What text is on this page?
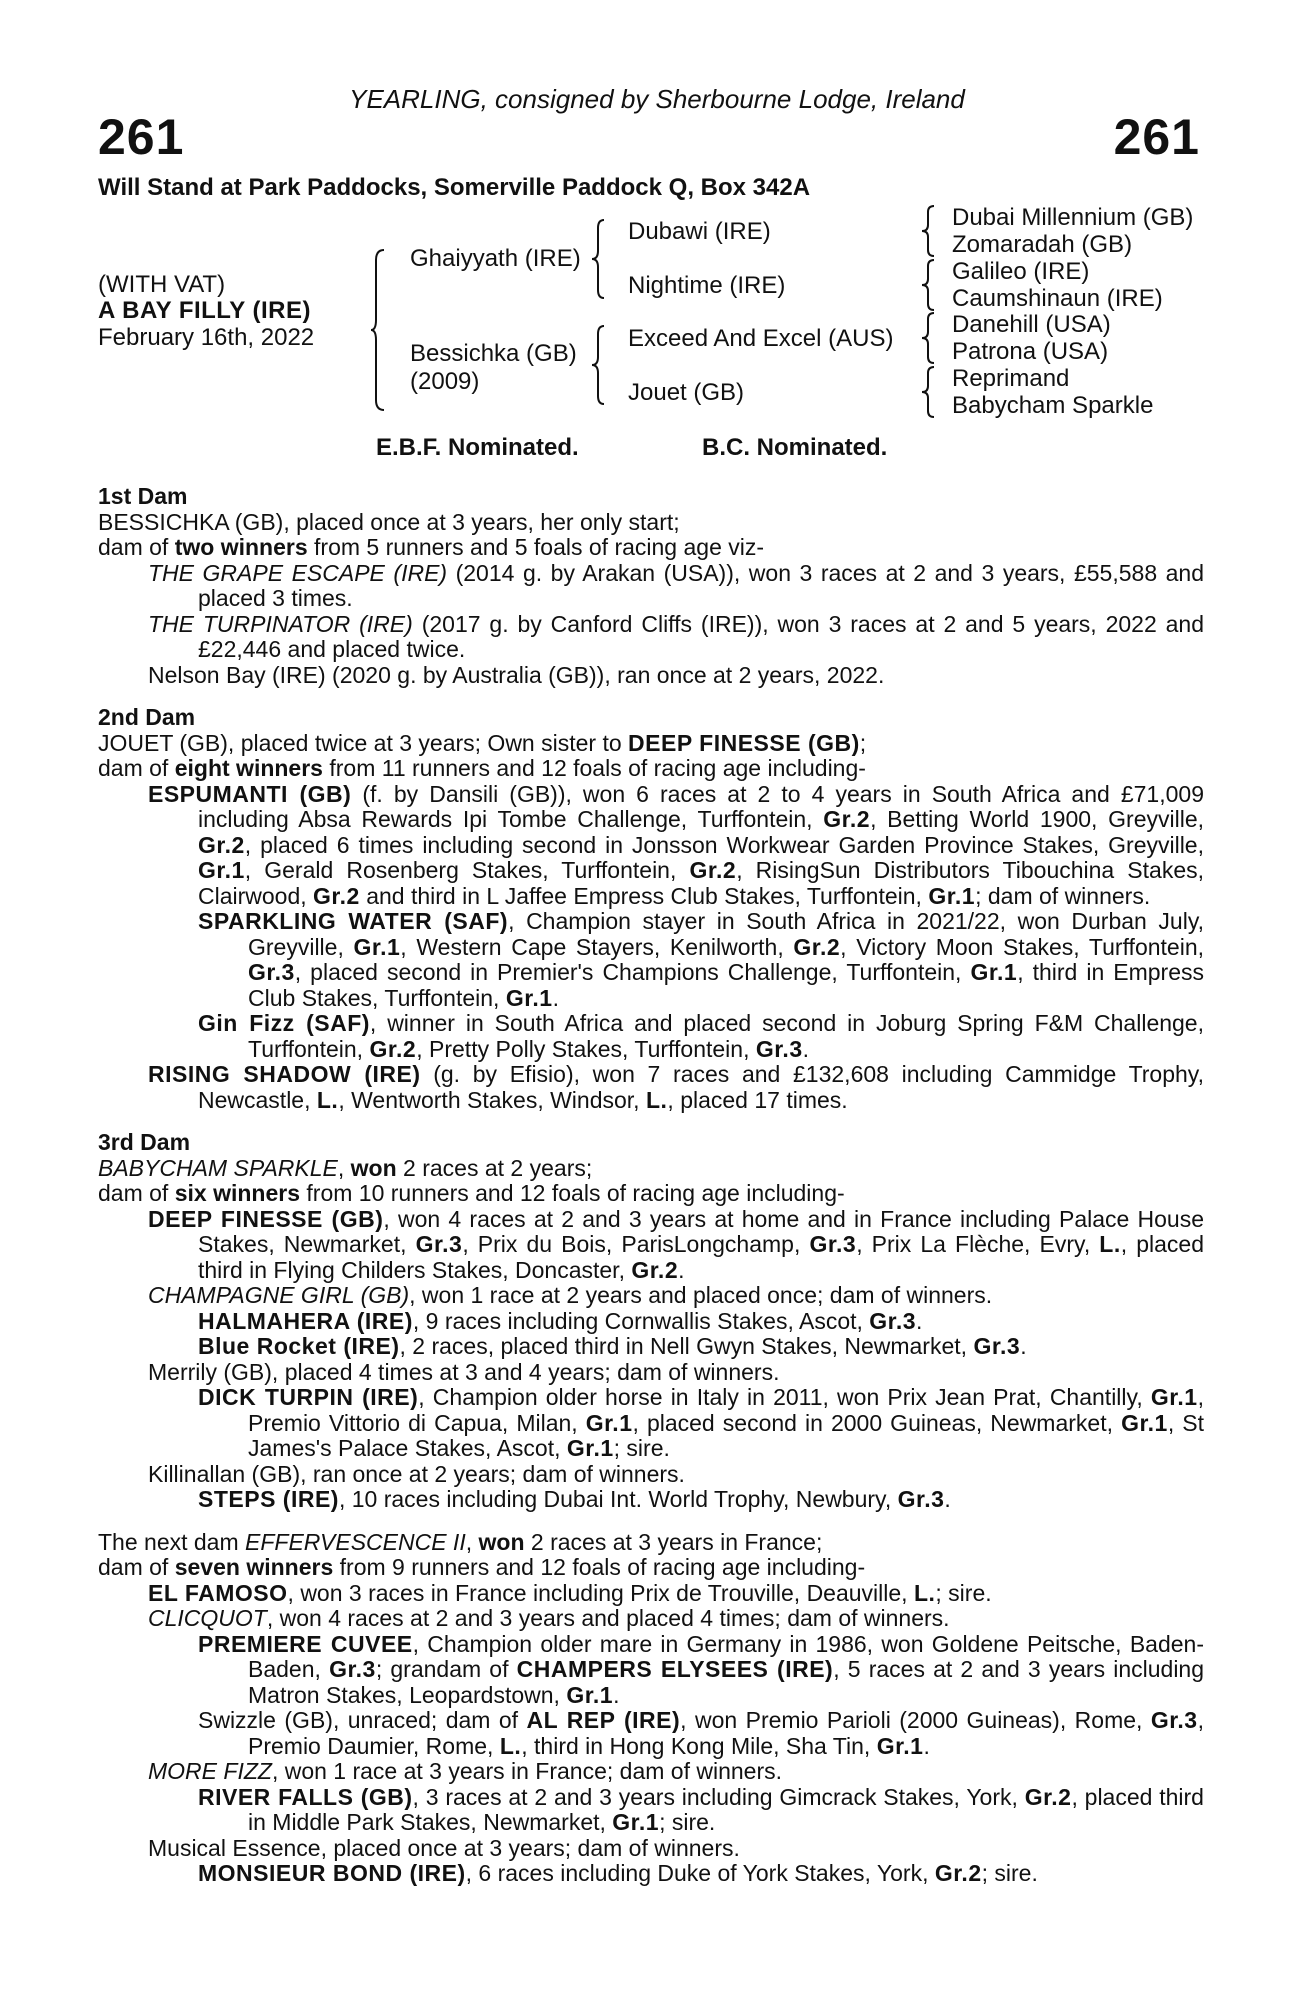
YEARLING, consigned by Sherbourne Lodge, Ireland
261	261
Will Stand at Park Paddocks, Somerville Paddock Q, Box 342A
(WITH VAT)
A BAY FILLY (IRE)
February 16th, 2022
Ghaiyyath (IRE)
Bessichka (GB)
(2009)
Dubawi (IRE)
Nightime (IRE)
Exceed And Excel (AUS)
Jouet (GB)
Dubai Millennium (GB)
Zomaradah (GB)
Galileo (IRE)
Caumshinaun (IRE)
Danehill (USA)
Patrona (USA)
Reprimand
Babycham Sparkle
E.B.F. Nominated.	B.C. Nominated.
1st Dam
BESSICHKA (GB), placed once at 3 years, her only start;
dam of two winners from 5 runners and 5 foals of racing age viz-
THE GRAPE ESCAPE (IRE) (2014 g. by Arakan (USA)), won 3 races at 2 and 3 years, £55,588 and placed 3 times.
THE TURPINATOR (IRE) (2017 g. by Canford Cliffs (IRE)), won 3 races at 2 and 5 years, 2022 and £22,446 and placed twice.
Nelson Bay (IRE) (2020 g. by Australia (GB)), ran once at 2 years, 2022.
2nd Dam
JOUET (GB), placed twice at 3 years; Own sister to DEEP FINESSE (GB);
dam of eight winners from 11 runners and 12 foals of racing age including-
ESPUMANTI (GB) (f. by Dansili (GB)), won 6 races at 2 to 4 years in South Africa and £71,009 including Absa Rewards Ipi Tombe Challenge, Turffontein, Gr.2, Betting World 1900, Greyville, Gr.2, placed 6 times including second in Jonsson Workwear Garden Province Stakes, Greyville, Gr.1, Gerald Rosenberg Stakes, Turffontein, Gr.2, RisingSun Distributors Tibouchina Stakes, Clairwood, Gr.2 and third in L Jaffee Empress Club Stakes, Turffontein, Gr.1; dam of winners.
SPARKLING WATER (SAF), Champion stayer in South Africa in 2021/22, won Durban July, Greyville, Gr.1, Western Cape Stayers, Kenilworth, Gr.2, Victory Moon Stakes, Turffontein, Gr.3, placed second in Premier's Champions Challenge, Turffontein, Gr.1, third in Empress Club Stakes, Turffontein, Gr.1.
Gin Fizz (SAF), winner in South Africa and placed second in Joburg Spring F&M Challenge, Turffontein, Gr.2, Pretty Polly Stakes, Turffontein, Gr.3.
RISING SHADOW (IRE) (g. by Efisio), won 7 races and £132,608 including Cammidge Trophy, Newcastle, L., Wentworth Stakes, Windsor, L., placed 17 times.
3rd Dam
BABYCHAM SPARKLE, won 2 races at 2 years;
dam of six winners from 10 runners and 12 foals of racing age including-
DEEP FINESSE (GB), won 4 races at 2 and 3 years at home and in France including Palace House Stakes, Newmarket, Gr.3, Prix du Bois, ParisLongchamp, Gr.3, Prix La Flèche, Evry, L., placed third in Flying Childers Stakes, Doncaster, Gr.2.
CHAMPAGNE GIRL (GB), won 1 race at 2 years and placed once; dam of winners.
HALMAHERA (IRE), 9 races including Cornwallis Stakes, Ascot, Gr.3.
Blue Rocket (IRE), 2 races, placed third in Nell Gwyn Stakes, Newmarket, Gr.3.
Merrily (GB), placed 4 times at 3 and 4 years; dam of winners.
DICK TURPIN (IRE), Champion older horse in Italy in 2011, won Prix Jean Prat, Chantilly, Gr.1, Premio Vittorio di Capua, Milan, Gr.1, placed second in 2000 Guineas, Newmarket, Gr.1, St James's Palace Stakes, Ascot, Gr.1; sire.
Killinallan (GB), ran once at 2 years; dam of winners.
STEPS (IRE), 10 races including Dubai Int. World Trophy, Newbury, Gr.3.
The next dam EFFERVESCENCE II, won 2 races at 3 years in France;
dam of seven winners from 9 runners and 12 foals of racing age including-
EL FAMOSO, won 3 races in France including Prix de Trouville, Deauville, L.; sire.
CLICQUOT, won 4 races at 2 and 3 years and placed 4 times; dam of winners.
PREMIERE CUVEE, Champion older mare in Germany in 1986, won Goldene Peitsche, Baden-Baden, Gr.3; grandam of CHAMPERS ELYSEES (IRE), 5 races at 2 and 3 years including Matron Stakes, Leopardstown, Gr.1.
Swizzle (GB), unraced; dam of AL REP (IRE), won Premio Parioli (2000 Guineas), Rome, Gr.3, Premio Daumier, Rome, L., third in Hong Kong Mile, Sha Tin, Gr.1.
MORE FIZZ, won 1 race at 3 years in France; dam of winners.
RIVER FALLS (GB), 3 races at 2 and 3 years including Gimcrack Stakes, York, Gr.2, placed third in Middle Park Stakes, Newmarket, Gr.1; sire.
Musical Essence, placed once at 3 years; dam of winners.
MONSIEUR BOND (IRE), 6 races including Duke of York Stakes, York, Gr.2; sire.
